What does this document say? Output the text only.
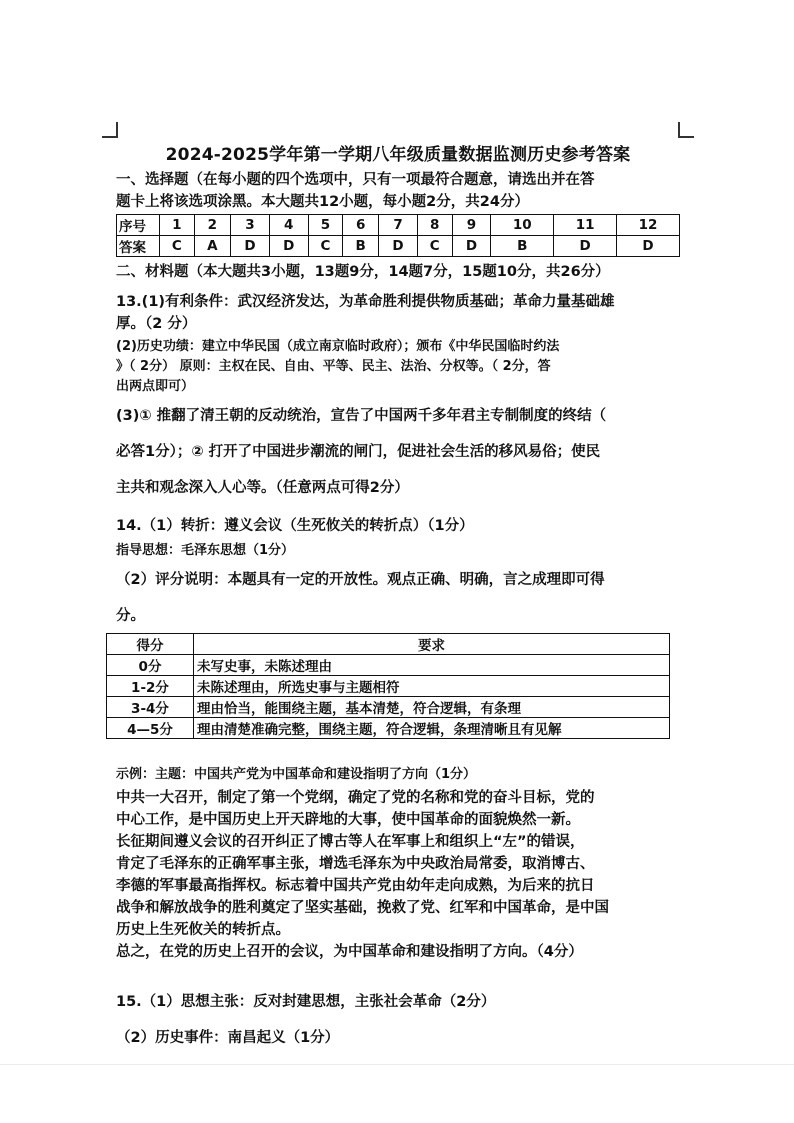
2024-2025学年第一学期八年级质量数据监测历史参考答案

一、选择题（在每小题的四个选项中，只有一项最符合题意，请选出并在答

题卡上将该选项涂黑。本大题共12小题，每小题2分，共24分）

序号	1	2	3	4	5	6	7	8	9	10	11	12
答案	C	A	D	D	C	B	D	C	D	B	D	D

二、材料题（本大题共3小题，13题9分，14题7分，15题10分，共26分）

13.(1)有利条件：武汉经济发达，为革命胜利提供物质基础；革命力量基础雄

厚。（2 分）

(2)历史功绩：建立中华民国（成立南京临时政府）；颁布《中华民国临时约法

》（ 2分） 原则：主权在民、自由、平等、民主、法治、分权等。（ 2分，答

出两点即可）

(3)① 推翻了清王朝的反动统治，宣告了中国两千多年君主专制制度的终结（

必答1分）；② 打开了中国进步潮流的闸门，促进社会生活的移风易俗；使民

主共和观念深入人心等。（任意两点可得2分）

14.（1）转折：遵义会议（生死攸关的转折点）（1分）

指导思想：毛泽东思想（1分）

（2）评分说明：本题具有一定的开放性。观点正确、明确，言之成理即可得

分。

得分	要求
0分	未写史事，未陈述理由
1-2分	未陈述理由，所选史事与主题相符
3-4分	理由恰当，能围绕主题，基本清楚，符合逻辑，有条理
4—5分	理由清楚准确完整，围绕主题，符合逻辑，条理清晰且有见解

示例：主题：中国共产党为中国革命和建设指明了方向（1分）

中共一大召开，制定了第一个党纲，确定了党的名称和党的奋斗目标，党的

中心工作，是中国历史上开天辟地的大事，使中国革命的面貌焕然一新。

长征期间遵义会议的召开纠正了博古等人在军事上和组织上“左”的错误，

肯定了毛泽东的正确军事主张，增选毛泽东为中央政治局常委，取消博古、

李德的军事最高指挥权。标志着中国共产党由幼年走向成熟，为后来的抗日

战争和解放战争的胜利奠定了坚实基础，挽救了党、红军和中国革命，是中国

历史上生死攸关的转折点。

总之，在党的历史上召开的会议，为中国革命和建设指明了方向。（4分）

15.（1）思想主张：反对封建思想，主张社会革命（2分）

（2）历史事件：南昌起义（1分）
